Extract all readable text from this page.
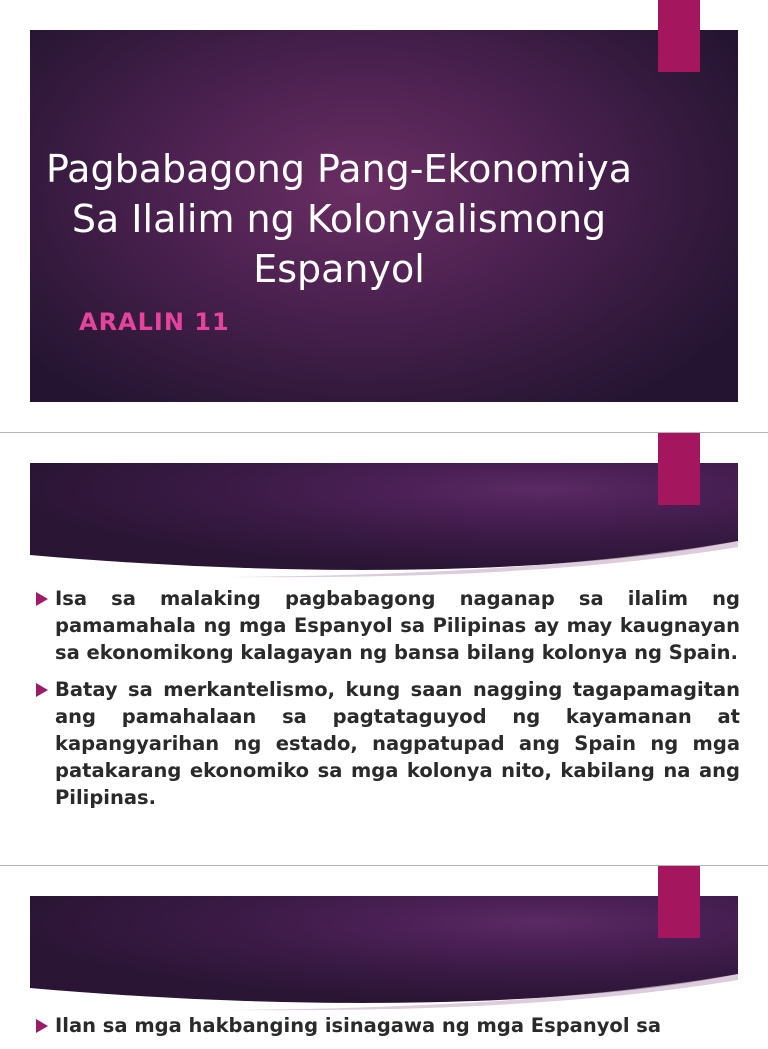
Pagbabagong Pang-Ekonomiya Sa Ilalim ng Kolonyalismong Espanyol
ARALIN 11
Isa sa malaking pagbabagong naganap sa ilalim ng pamamahala ng mga Espanyol sa Pilipinas ay may kaugnayan sa ekonomikong kalagayan ng bansa bilang kolonya ng Spain.
Batay sa merkantelismo, kung saan nagging tagapamagitan ang pamahalaan sa pagtataguyod ng kayamanan at kapangyarihan ng estado, nagpatupad ang Spain ng mga patakarang ekonomiko sa mga kolonya nito, kabilang na ang Pilipinas.
Ilan sa mga hakbanging isinagawa ng mga Espanyol sa
